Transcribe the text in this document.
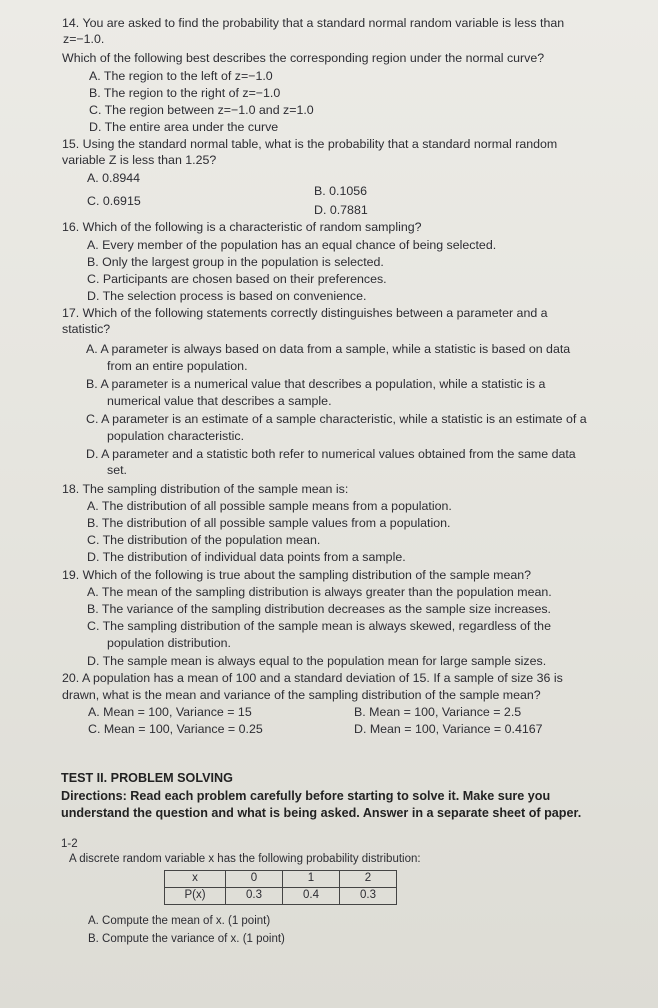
14. You are asked to find the probability that a standard normal random variable is less than
z=−1.0.
Which of the following best describes the corresponding region under the normal curve?
A. The region to the left of z=−1.0
B. The region to the right of z=−1.0
C. The region between z=−1.0 and z=1.0
D. The entire area under the curve
15. Using the standard normal table, what is the probability that a standard normal random
variable Z is less than 1.25?
A. 0.8944
B. 0.1056
C. 0.6915
D. 0.7881
16. Which of the following is a characteristic of random sampling?
A. Every member of the population has an equal chance of being selected.
B. Only the largest group in the population is selected.
C. Participants are chosen based on their preferences.
D. The selection process is based on convenience.
17. Which of the following statements correctly distinguishes between a parameter and a
statistic?
A. A parameter is always based on data from a sample, while a statistic is based on data
from an entire population.
B. A parameter is a numerical value that describes a population, while a statistic is a
numerical value that describes a sample.
C. A parameter is an estimate of a sample characteristic, while a statistic is an estimate of a
population characteristic.
D. A parameter and a statistic both refer to numerical values obtained from the same data
set.
18. The sampling distribution of the sample mean is:
A. The distribution of all possible sample means from a population.
B. The distribution of all possible sample values from a population.
C. The distribution of the population mean.
D. The distribution of individual data points from a sample.
19. Which of the following is true about the sampling distribution of the sample mean?
A. The mean of the sampling distribution is always greater than the population mean.
B. The variance of the sampling distribution decreases as the sample size increases.
C. The sampling distribution of the sample mean is always skewed, regardless of the
population distribution.
D. The sample mean is always equal to the population mean for large sample sizes.
20. A population has a mean of 100 and a standard deviation of 15. If a sample of size 36 is
drawn, what is the mean and variance of the sampling distribution of the sample mean?
A. Mean = 100, Variance = 15	B. Mean = 100, Variance = 2.5
C. Mean = 100, Variance = 0.25	D. Mean = 100, Variance = 0.4167
TEST II. PROBLEM SOLVING
Directions: Read each problem carefully before starting to solve it. Make sure you
understand the question and what is being asked. Answer in a separate sheet of paper.
1-2
A discrete random variable x has the following probability distribution:
x	0	1	2
P(x)	0.3	0.4	0.3
A. Compute the mean of x. (1 point)
B. Compute the variance of x. (1 point)
